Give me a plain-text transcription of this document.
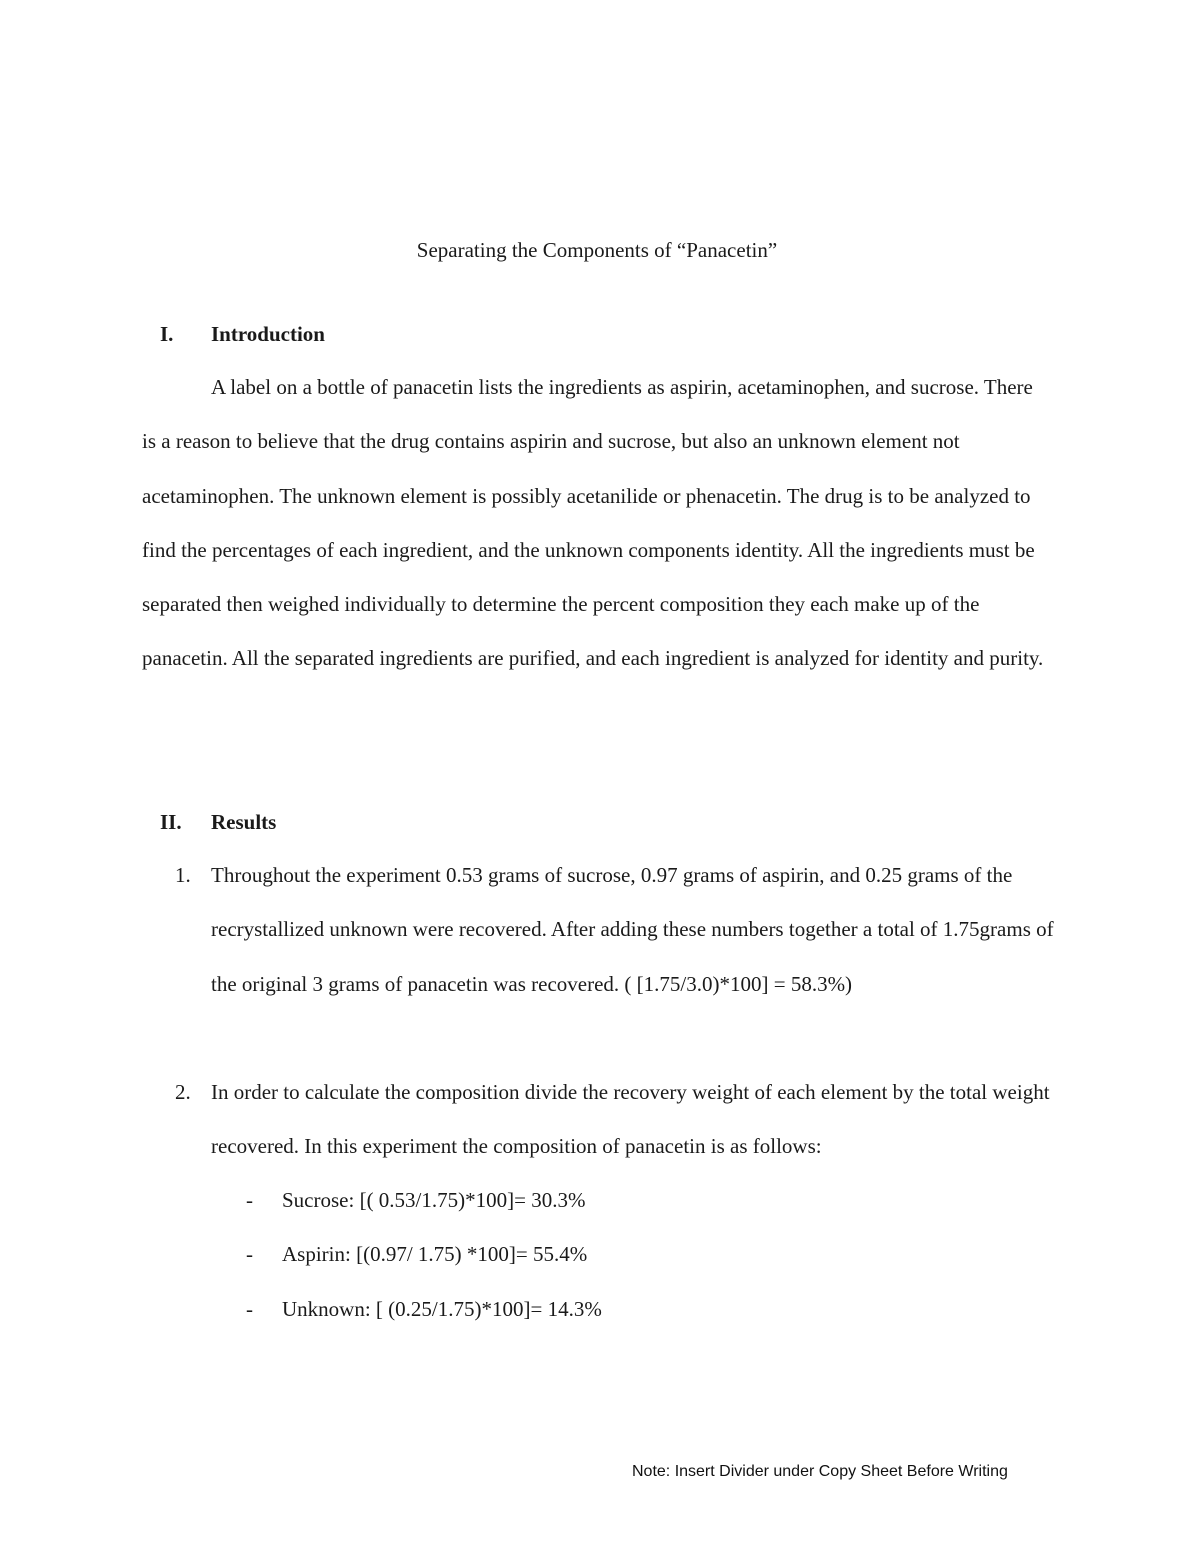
Separating the Components of “Panacetin”
I. Introduction

A label on a bottle of panacetin lists the ingredients as aspirin, acetaminophen, and sucrose. There is a reason to believe that the drug contains aspirin and sucrose, but also an unknown element not acetaminophen. The unknown element is possibly acetanilide or phenacetin. The drug is to be analyzed to find the percentages of each ingredient, and the unknown components identity. All the ingredients must be separated then weighed individually to determine the percent composition they each make up of the panacetin. All the separated ingredients are purified, and each ingredient is analyzed for identity and purity.

II. Results
1. Throughout the experiment 0.53 grams of sucrose, 0.97 grams of aspirin, and 0.25 grams of the recrystallized unknown were recovered. After adding these numbers together a total of 1.75grams of the original 3 grams of panacetin was recovered. ( [1.75/3.0)*100] = 58.3%)
2. In order to calculate the composition divide the recovery weight of each element by the total weight recovered. In this experiment the composition of panacetin is as follows:
- Sucrose: [( 0.53/1.75)*100]= 30.3%
- Aspirin: [(0.97/ 1.75) *100]= 55.4%
- Unknown: [ (0.25/1.75)*100]= 14.3%
Note: Insert Divider under Copy Sheet Before Writing
